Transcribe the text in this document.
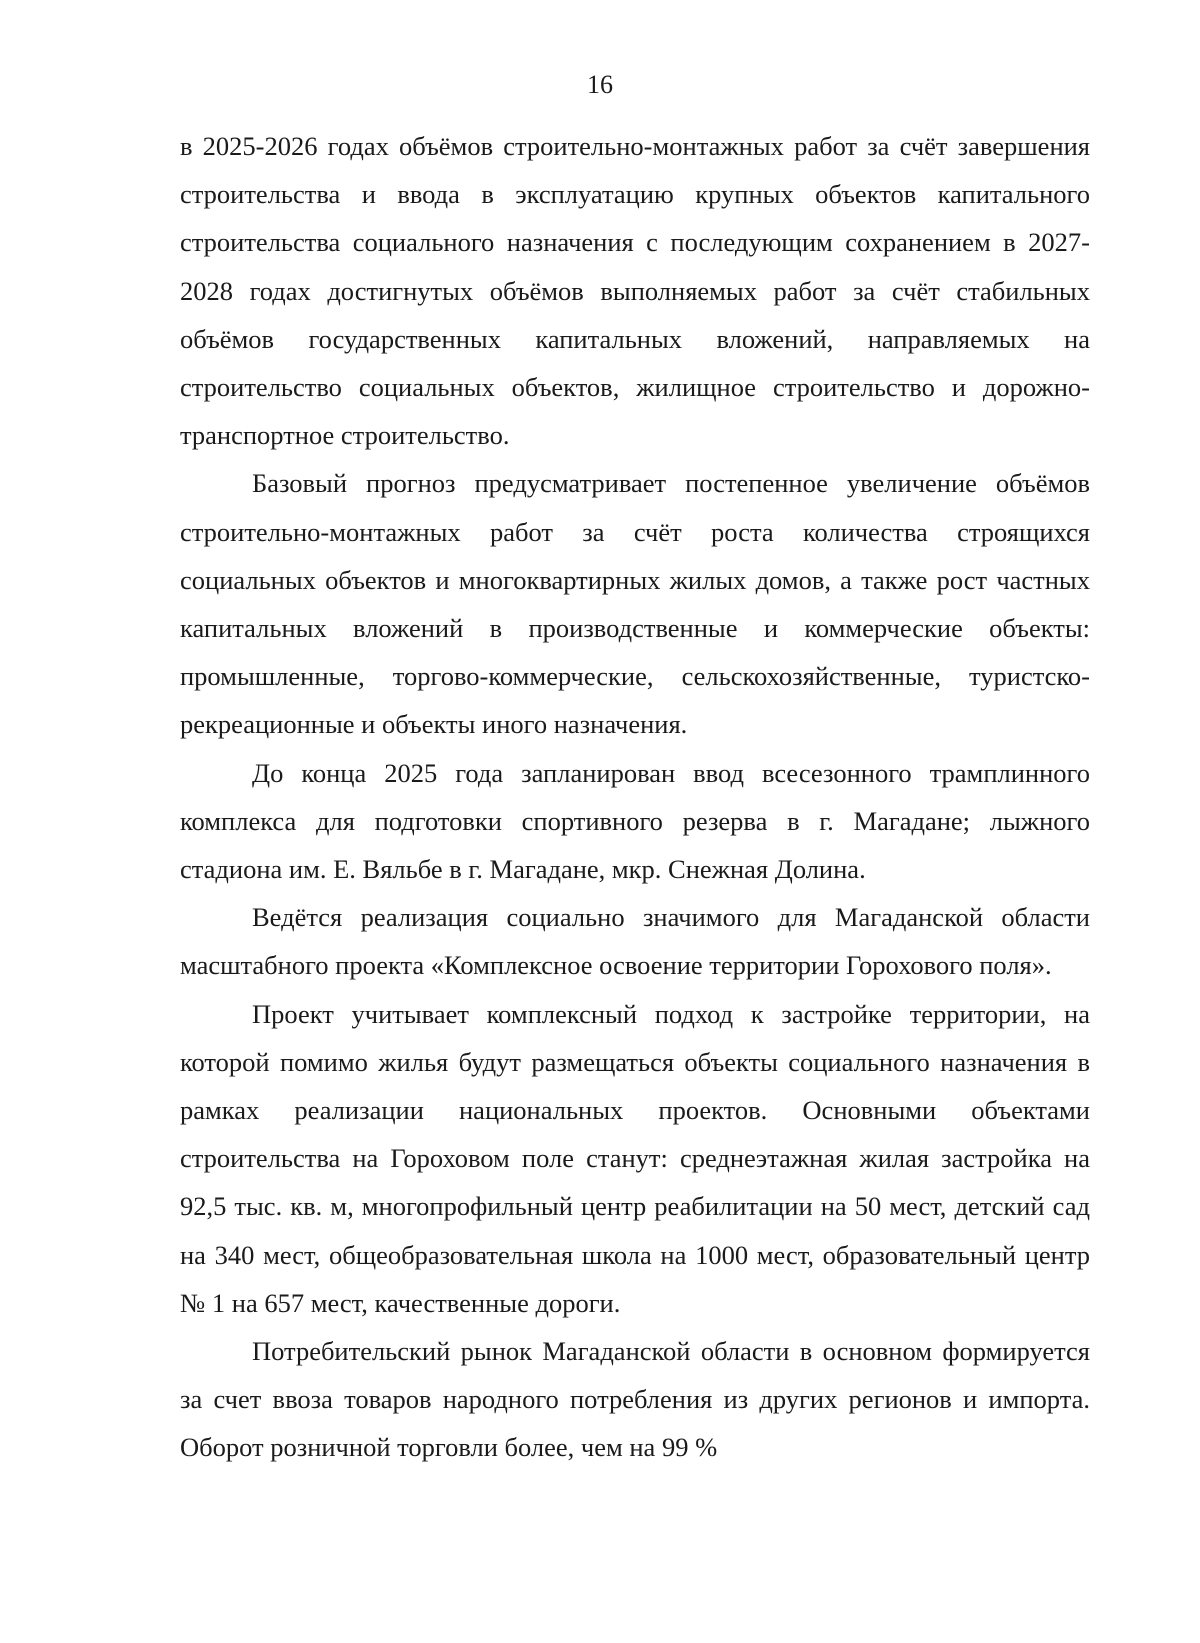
16

в 2025-2026 годах объёмов строительно-монтажных работ за счёт завершения строительства и ввода в эксплуатацию крупных объектов капитального строительства социального назначения с последующим сохранением в 2027-2028 годах достигнутых объёмов выполняемых работ за счёт стабильных объёмов государственных капитальных вложений, направляемых на строительство социальных объектов, жилищное строительство и дорожно-транспортное строительство.

Базовый прогноз предусматривает постепенное увеличение объёмов строительно-монтажных работ за счёт роста количества строящихся социальных объектов и многоквартирных жилых домов, а также рост частных капитальных вложений в производственные и коммерческие объекты: промышленные, торгово-коммерческие, сельскохозяйственные, туристско-рекреационные и объекты иного назначения.

До конца 2025 года запланирован ввод всесезонного трамплинного комплекса для подготовки спортивного резерва в г. Магадане; лыжного стадиона им. Е. Вяльбе в г. Магадане, мкр. Снежная Долина.

Ведётся реализация социально значимого для Магаданской области масштабного проекта «Комплексное освоение территории Горохового поля».

Проект учитывает комплексный подход к застройке территории, на которой помимо жилья будут размещаться объекты социального назначения в рамках реализации национальных проектов. Основными объектами строительства на Гороховом поле станут: среднеэтажная жилая застройка на 92,5 тыс. кв. м, многопрофильный центр реабилитации на 50 мест, детский сад на 340 мест, общеобразовательная школа на 1000 мест, образовательный центр № 1 на 657 мест, качественные дороги.

Потребительский рынок Магаданской области в основном формируется за счет ввоза товаров народного потребления из других регионов и импорта. Оборот розничной торговли более, чем на 99 %
